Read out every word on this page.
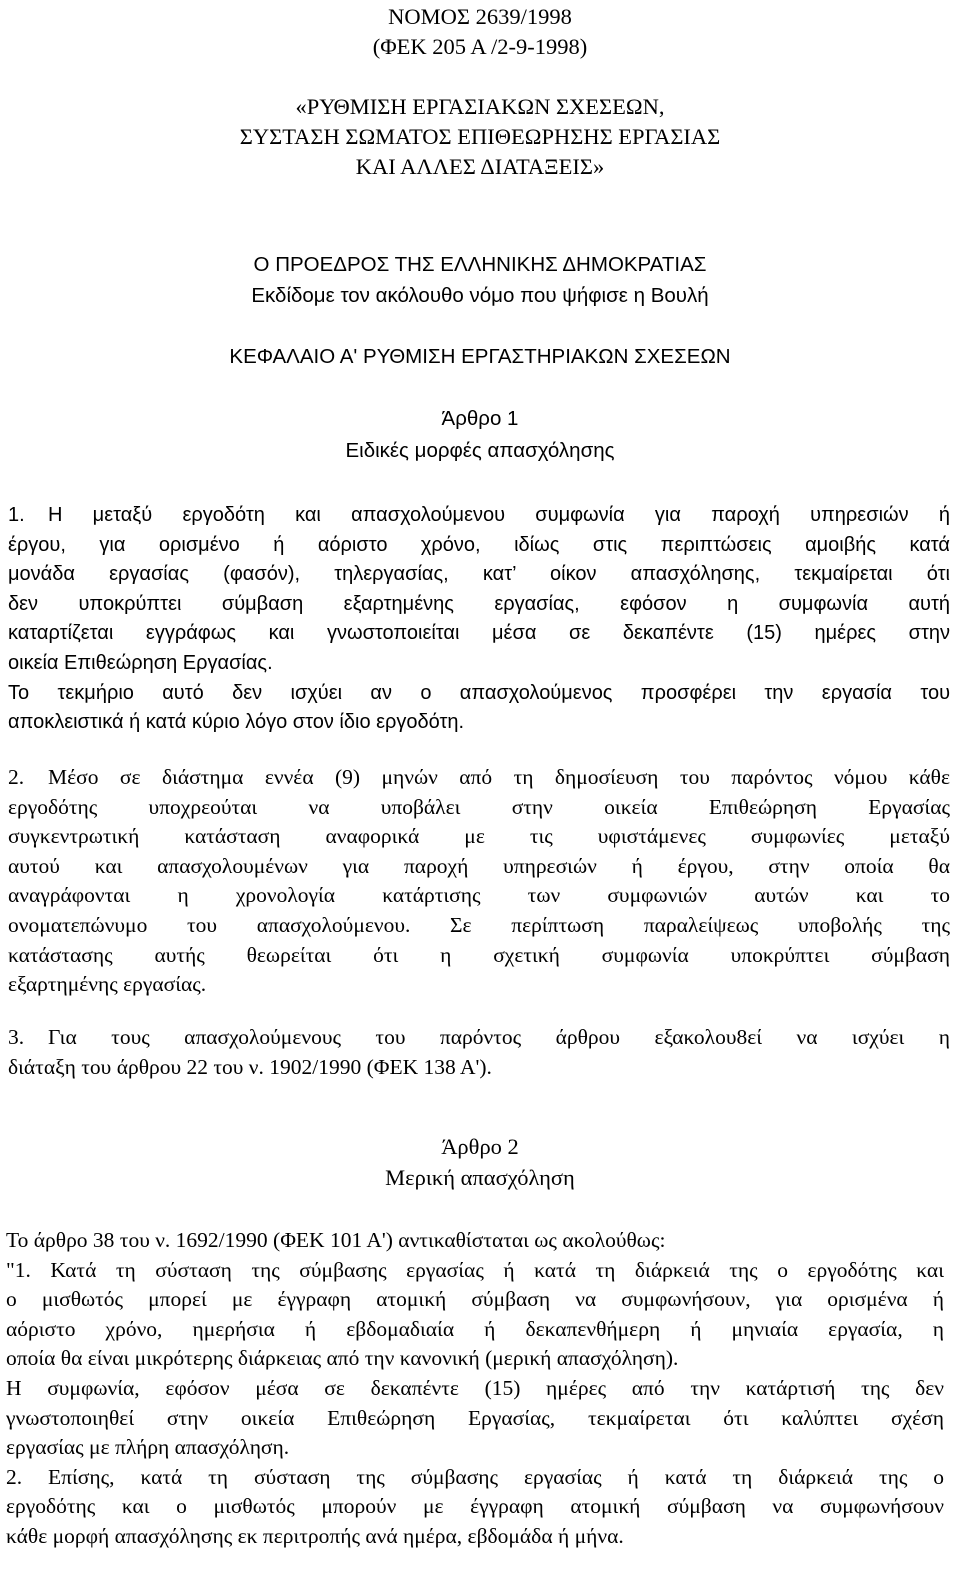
ΝΟΜΟΣ 2639/1998
(ΦΕΚ 205 Α /2-9-1998)
«ΡΥΘΜΙΣΗ ΕΡΓΑΣΙΑΚΩΝ ΣΧΕΣΕΩΝ,
ΣΥΣΤΑΣΗ ΣΩΜΑΤΟΣ ΕΠΙΘΕΩΡΗΣΗΣ ΕΡΓΑΣΙΑΣ
ΚΑΙ ΑΛΛΕΣ ΔΙΑΤΑΞΕΙΣ»
Ο ΠΡΟΕΔΡΟΣ ΤΗΣ ΕΛΛΗΝΙΚΗΣ ΔΗΜΟΚΡΑΤΙΑΣ
Εκδίδομε τον ακόλουθο νόμο που ψήφισε η Βουλή
ΚΕΦΑΛΑΙΟ Α' ΡΥΘΜΙΣΗ ΕΡΓΑΣΤΗΡΙΑΚΩΝ ΣΧΕΣΕΩΝ
Άρθρο 1
Ειδικές μορφές απασχόλησης
1.	Η μεταξύ εργοδότη και απασχολούμενου συμφωνία για παροχή υπηρεσιών ή
έργου, για ορισμένο ή αόριστο χρόνο, ιδίως στις περιπτώσεις αμοιβής κατά
μονάδα εργασίας (φασόν), τηλεργασίας, κατ’ οίκον απασχόλησης, τεκμαίρεται ότι
δεν υποκρύπτει σύμβαση εξαρτημένης εργασίας, εφόσον η συμφωνία αυτή
καταρτίζεται εγγράφως και γνωστοποιείται μέσα σε δεκαπέντε (15) ημέρες στην
οικεία Επιθεώρηση Εργασίας.
Το τεκμήριο αυτό δεν ισχύει αν ο απασχολούμενος προσφέρει την εργασία του
αποκλειστικά ή κατά κύριο λόγο στον ίδιο εργοδότη.
2.	Μέσο σε διάστημα εννέα (9) μηνών από τη δημοσίευση του παρόντος νόμου κάθε
εργοδότης υποχρεούται να υποβάλει στην οικεία Επιθεώρηση Εργασίας
συγκεντρωτική κατάσταση αναφορικά με τις υφιστάμενες συμφωνίες μεταξύ
αυτού και απασχολουμένων για παροχή υπηρεσιών ή έργου, στην οποία θα
αναγράφονται η χρονολογία κατάρτισης των συμφωνιών αυτών και το
ονοματεπώνυμο του απασχολούμενου. Σε περίπτωση παραλείψεως υποβολής της
κατάστασης αυτής θεωρείται ότι η σχετική συμφωνία υποκρύπτει σύμβαση
εξαρτημένης εργασίας.
3.	Για τους απασχολούμενους του παρόντος άρθρου εξακολου8εί να ισχύει η
διάταξη του άρθρου 22 του ν. 1902/1990 (ΦΕΚ 138 Α').
Άρθρο 2
Μερική απασχόληση
Το άρθρο 38 του ν. 1692/1990 (ΦΕΚ 101 Α') αντικαθίσταται ως ακολούθως:
"1. Κατά τη σύσταση της σύμβασης εργασίας ή κατά τη διάρκειά της ο εργοδότης και
ο μισθωτός μπορεί με έγγραφη ατομική σύμβαση να συμφωνήσουν, για ορισμένα ή
αόριστο χρόνο, ημερήσια ή εβδομαδιαία ή δεκαπενθήμερη ή μηνιαία εργασία, η
οποία θα είναι μικρότερης διάρκειας από την κανονική (μερική απασχόληση).
Η συμφωνία, εφόσον μέσα σε δεκαπέντε (15) ημέρες από την κατάρτισή της δεν
γνωστοποιηθεί στην οικεία Επιθεώρηση Εργασίας, τεκμαίρεται ότι καλύπτει σχέση
εργασίας με πλήρη απασχόληση.
2. Επίσης, κατά τη σύσταση της σύμβασης εργασίας ή κατά τη διάρκειά της ο
εργοδότης και ο μισθωτός μπορούν με έγγραφη ατομική σύμβαση να συμφωνήσουν
κάθε μορφή απασχόλησης εκ περιτροπής ανά ημέρα, εβδομάδα ή μήνα.
